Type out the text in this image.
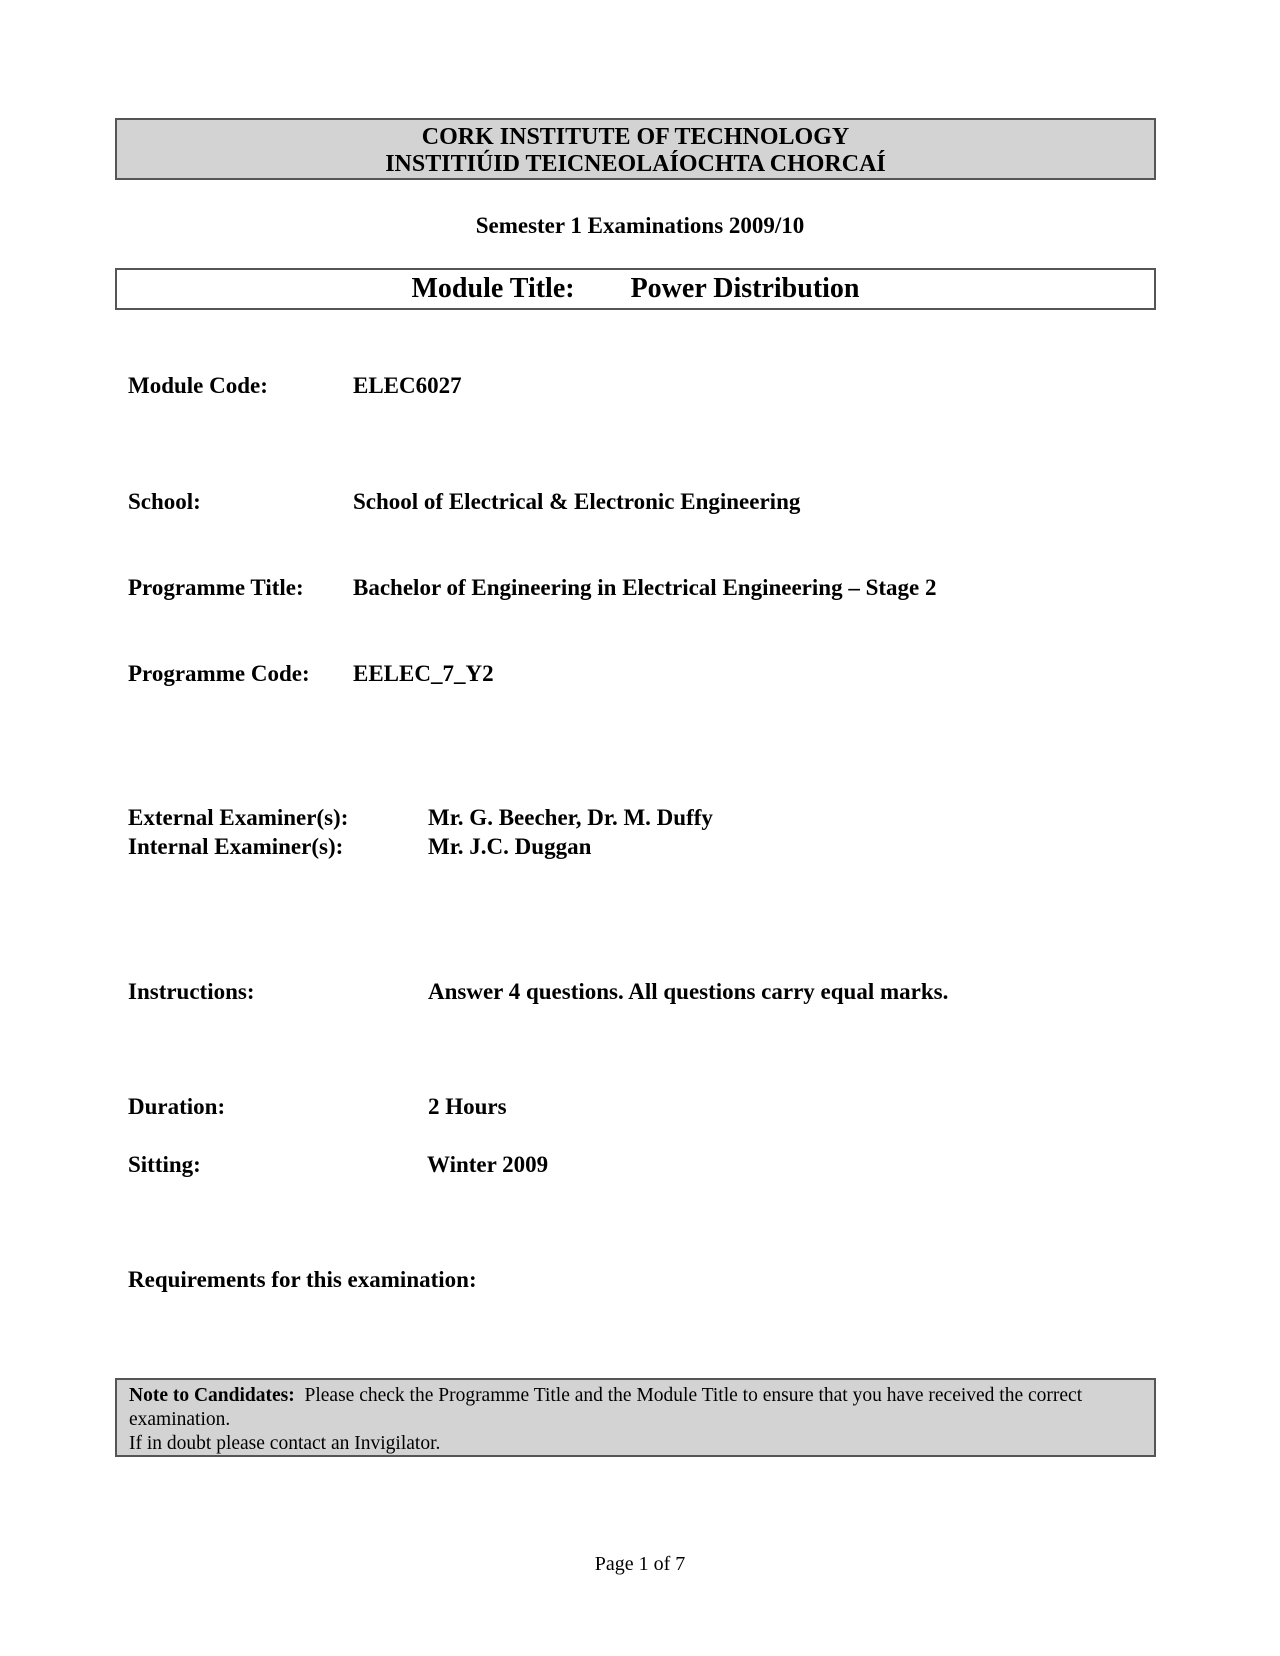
CORK INSTITUTE OF TECHNOLOGY
INSTITIÚID TEICNEOLAÍOCHTA CHORCAÍ
Semester 1 Examinations 2009/10
Module Title: Power Distribution
Module Code:	ELEC6027
School:	School of Electrical & Electronic Engineering
Programme Title: Bachelor of Engineering in Electrical Engineering – Stage 2
Programme Code: EELEC_7_Y2
External Examiner(s):	Mr. G. Beecher, Dr. M. Duffy
Internal Examiner(s):	Mr. J.C. Duggan
Instructions:	Answer 4 questions. All questions carry equal marks.
Duration:	2 Hours
Sitting:	Winter 2009
Requirements for this examination:
Note to Candidates: Please check the Programme Title and the Module Title to ensure that you have received the correct examination.
If in doubt please contact an Invigilator.
Page 1 of 7
